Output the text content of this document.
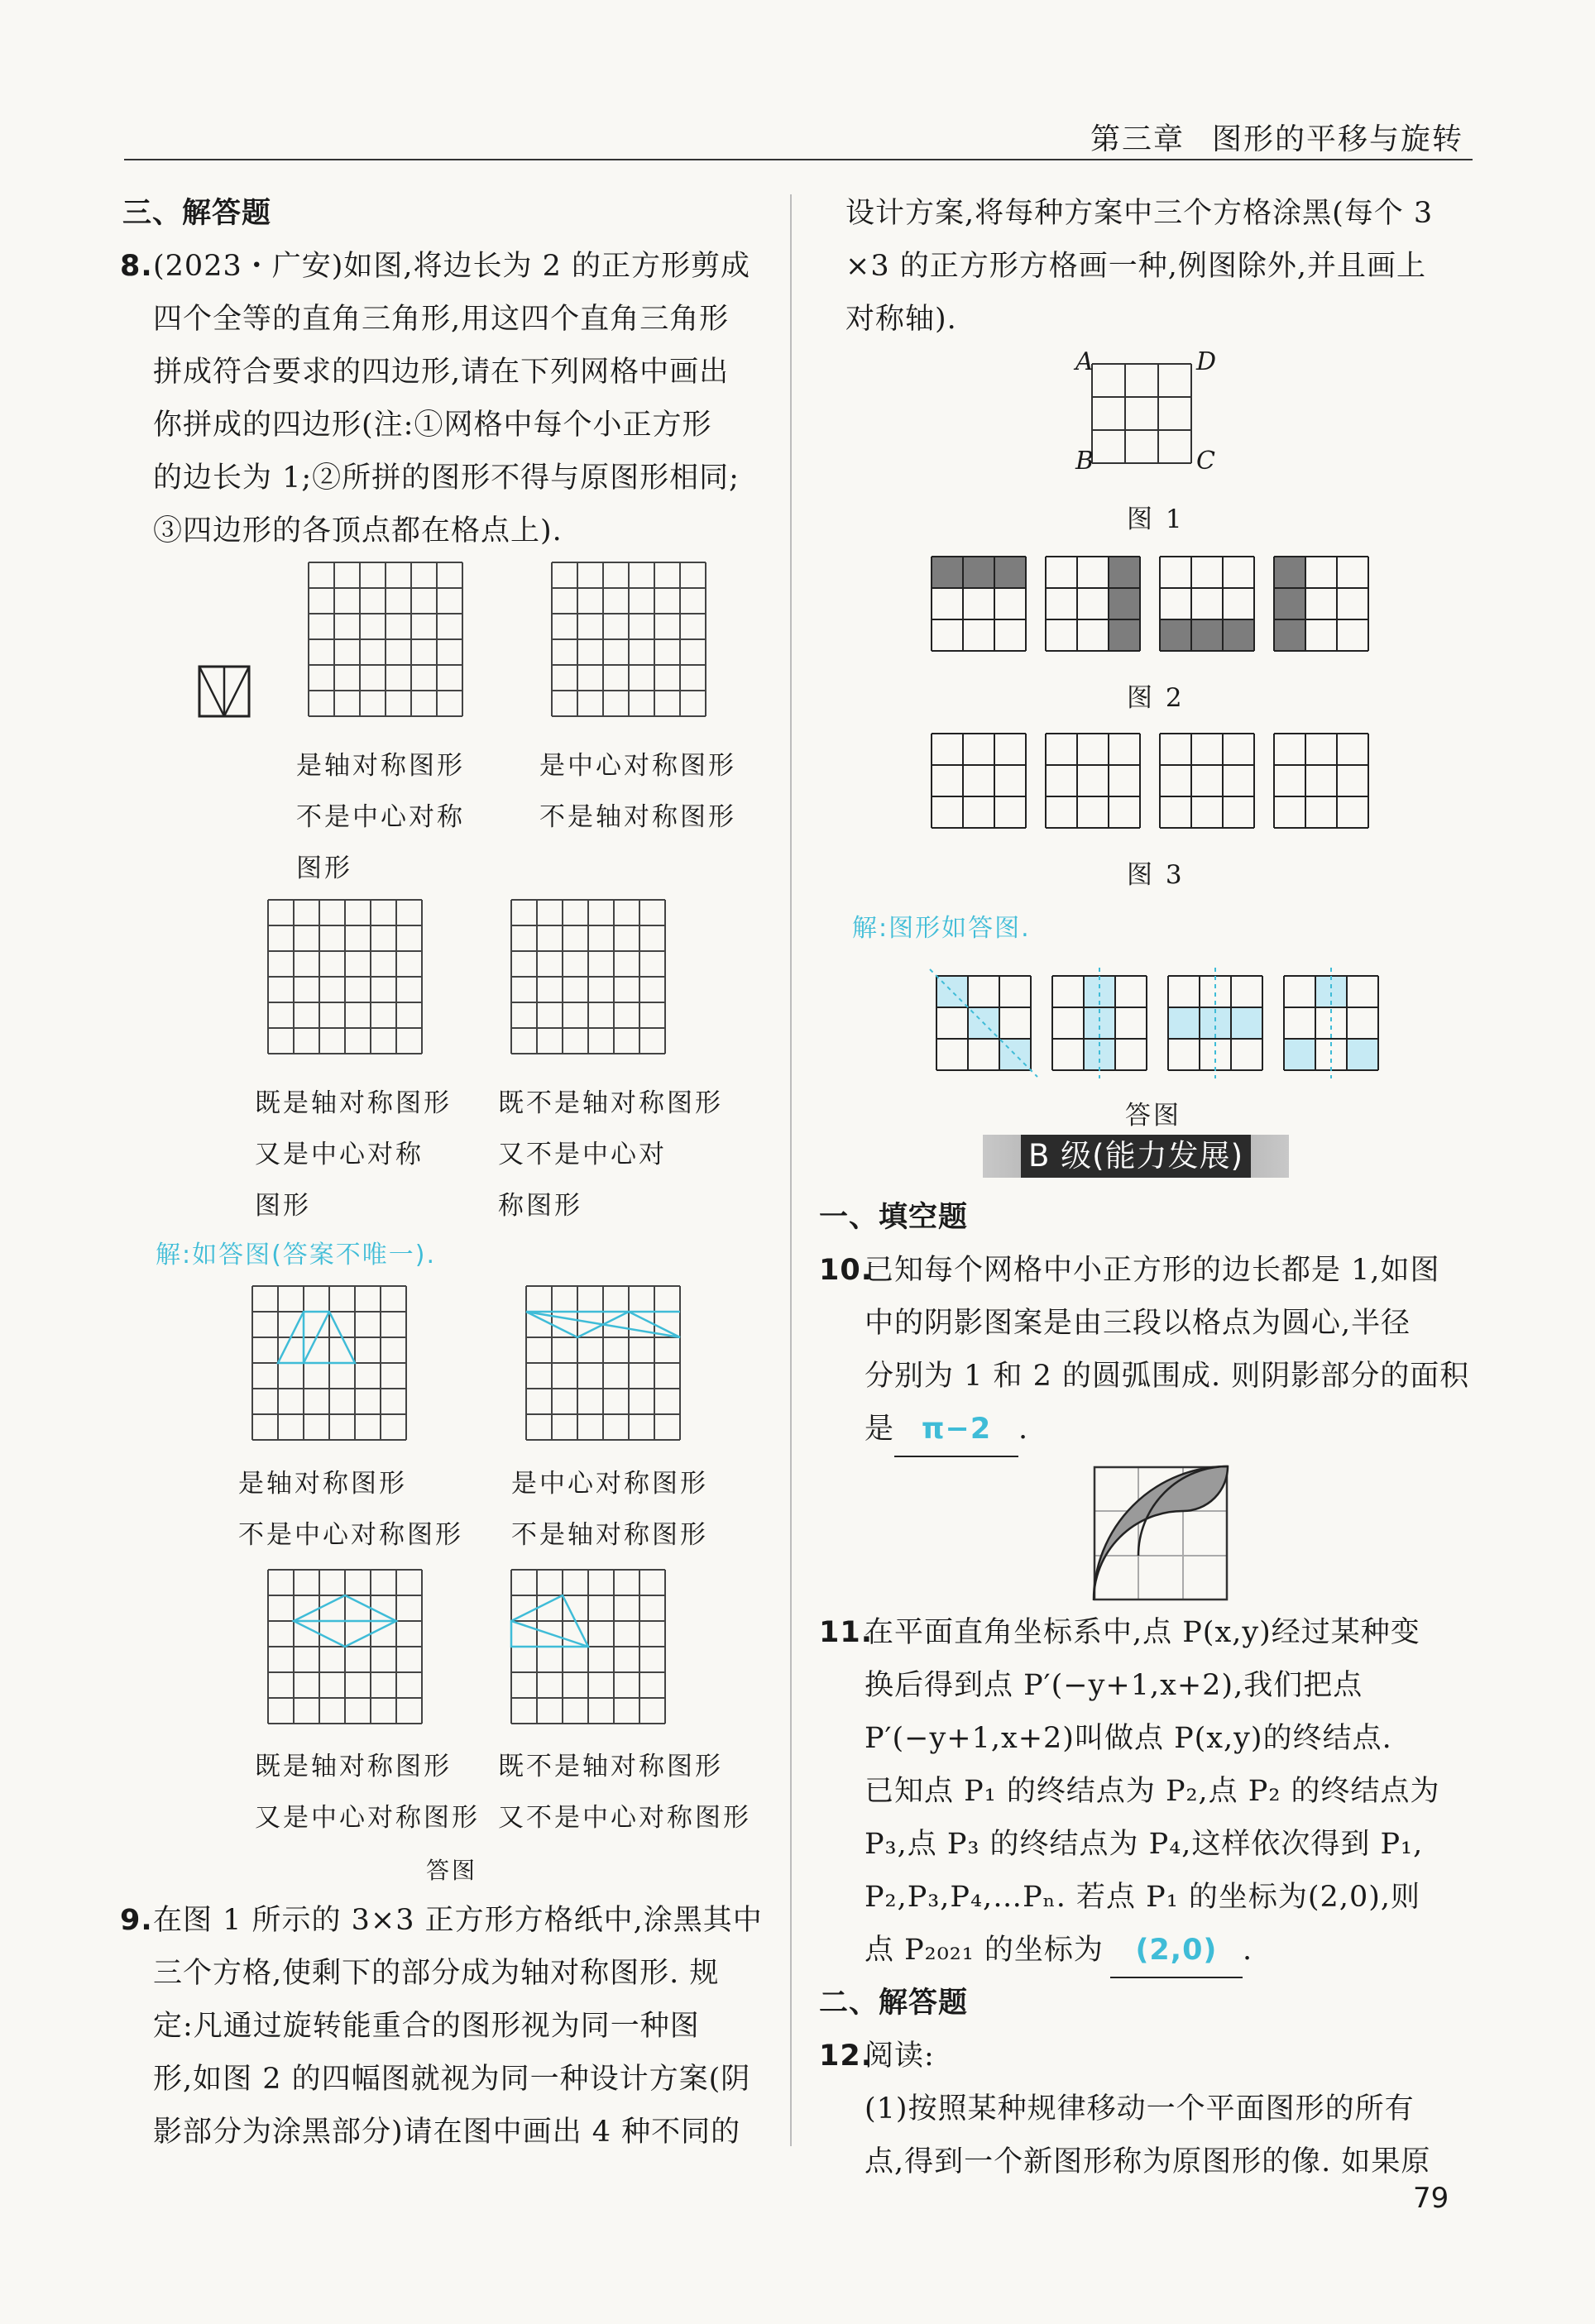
第三章 图形的平移与旋转
三、解答题
8. (2023・广安)如图,将边长为 2 的正方形剪成
四个全等的直角三角形,用这四个直角三角形
拼成符合要求的四边形,请在下列网格中画出
你拼成的四边形(注:①网格中每个小正方形
的边长为 1;②所拼的图形不得与原图形相同;
③四边形的各顶点都在格点上).
是轴对称图形
不是中心对称
图形
是中心对称图形
不是轴对称图形
既是轴对称图形
又是中心对称
图形
既不是轴对称图形
又不是中心对
称图形
解:如答图(答案不唯一).
是轴对称图形
不是中心对称图形
是中心对称图形
不是轴对称图形
既是轴对称图形
又是中心对称图形
既不是轴对称图形
又不是中心对称图形
答图
9. 在图 1 所示的 3×3 正方形方格纸中,涂黑其中
三个方格,使剩下的部分成为轴对称图形. 规
定:凡通过旋转能重合的图形视为同一种图
形,如图 2 的四幅图就视为同一种设计方案(阴
影部分为涂黑部分)请在图中画出 4 种不同的
设计方案,将每种方案中三个方格涂黑(每个 3
×3 的正方形方格画一种,例图除外,并且画上
对称轴).
A	D
B	C
图 1
图 2
图 3
解:图形如答图.
答图
B 级(能力发展)
一、填空题
10.
已知每个网格中小正方形的边长都是 1,如图
中的阴影图案是由三段以格点为圆心,半径
分别为 1 和 2 的圆弧围成. 则阴影部分的面积
是 π−2 .
11.
在平面直角坐标系中,点 P(x,y)经过某种变
换后得到点 P′(−y+1,x+2),我们把点
P′(−y+1,x+2)叫做点 P(x,y)的终结点.
已知点 P₁ 的终结点为 P₂,点 P₂ 的终结点为
P₃,点 P₃ 的终结点为 P₄,这样依次得到 P₁,
P₂,P₃,P₄,…Pₙ. 若点 P₁ 的坐标为(2,0),则
点 P₂₀₂₁ 的坐标为 (2,0) .
二、解答题
12.
阅读:
(1)按照某种规律移动一个平面图形的所有
点,得到一个新图形称为原图形的像. 如果原
79
